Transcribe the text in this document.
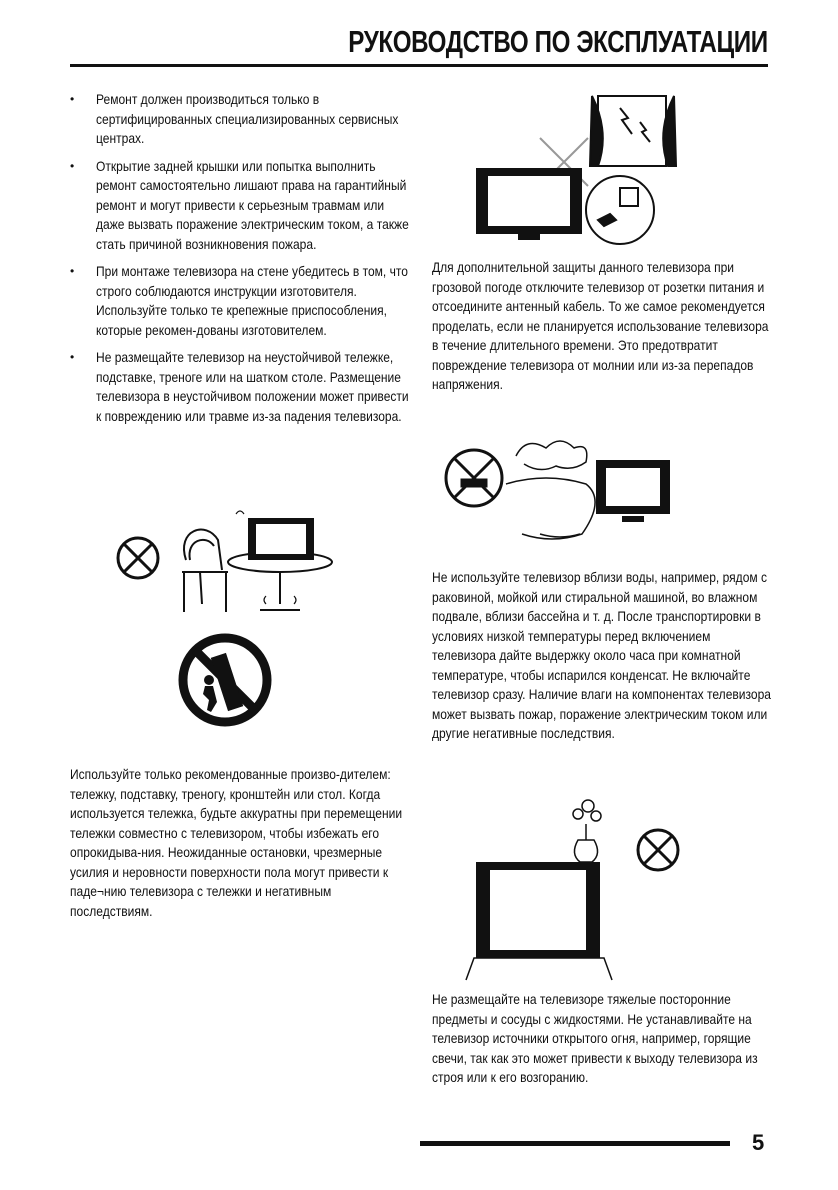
РУКОВОДСТВО ПО ЭКСПЛУАТАЦИИ
• Ремонт должен производиться только в сертифицированных специализированных сервисных центрах.
• Открытие задней крышки или попытка выполнить ремонт самостоятельно лишают права на гарантийный ремонт и могут привести к серьезным травмам или даже вызвать поражение электрическим током, а также стать причиной возникновения пожара.
• При монтаже телевизора на стене убедитесь в том, что строго соблюдаются инструкции изготовителя. Используйте только те крепежные приспособления, которые рекомен-дованы изготовителем.
• Не размещайте телевизор на неустойчивой тележке, подставке, треноге или на шатком столе. Размещение телевизора в неустойчивом положении может привести к повреждению или травме из-за падения телевизора.

Используйте только рекомендованные произво-дителем: тележку, подставку, треногу, кронштейн или стол. Когда используется тележка, будьте аккуратны при перемещении тележки совместно с телевизором, чтобы избежать его опрокидыва-ния. Неожиданные остановки, чрезмерные усилия и неровности поверхности пола могут привести к паде¬нию телевизора с тележки и негативным последствиям.

Для дополнительной защиты данного телевизора при грозовой погоде отключите телевизор от розетки питания и отсоедините антенный кабель. То же самое рекомендуется проделать, если не планируется использование телевизора в течение длительного времени. Это предотвратит повреждение телевизора от молнии или из-за перепадов напряжения.

Не используйте телевизор вблизи воды, например, рядом с раковиной, мойкой или стиральной машиной, во влажном подвале, вблизи бассейна и т. д. После транспортировки в условиях низкой температуры перед включением телевизора дайте выдержку около часа при комнатной температуре, чтобы испарился конденсат. Не включайте телевизор сразу. Наличие влаги на компонентах телевизора может вызвать пожар, поражение электрическим током или другие негативные последствия.

Не размещайте на телевизоре тяжелые посторонние предметы и сосуды с жидкостями. Не устанавливайте на телевизор источники открытого огня, например, горящие свечи, так как это может привести к выходу телевизора из строя или к его возгоранию.

5
